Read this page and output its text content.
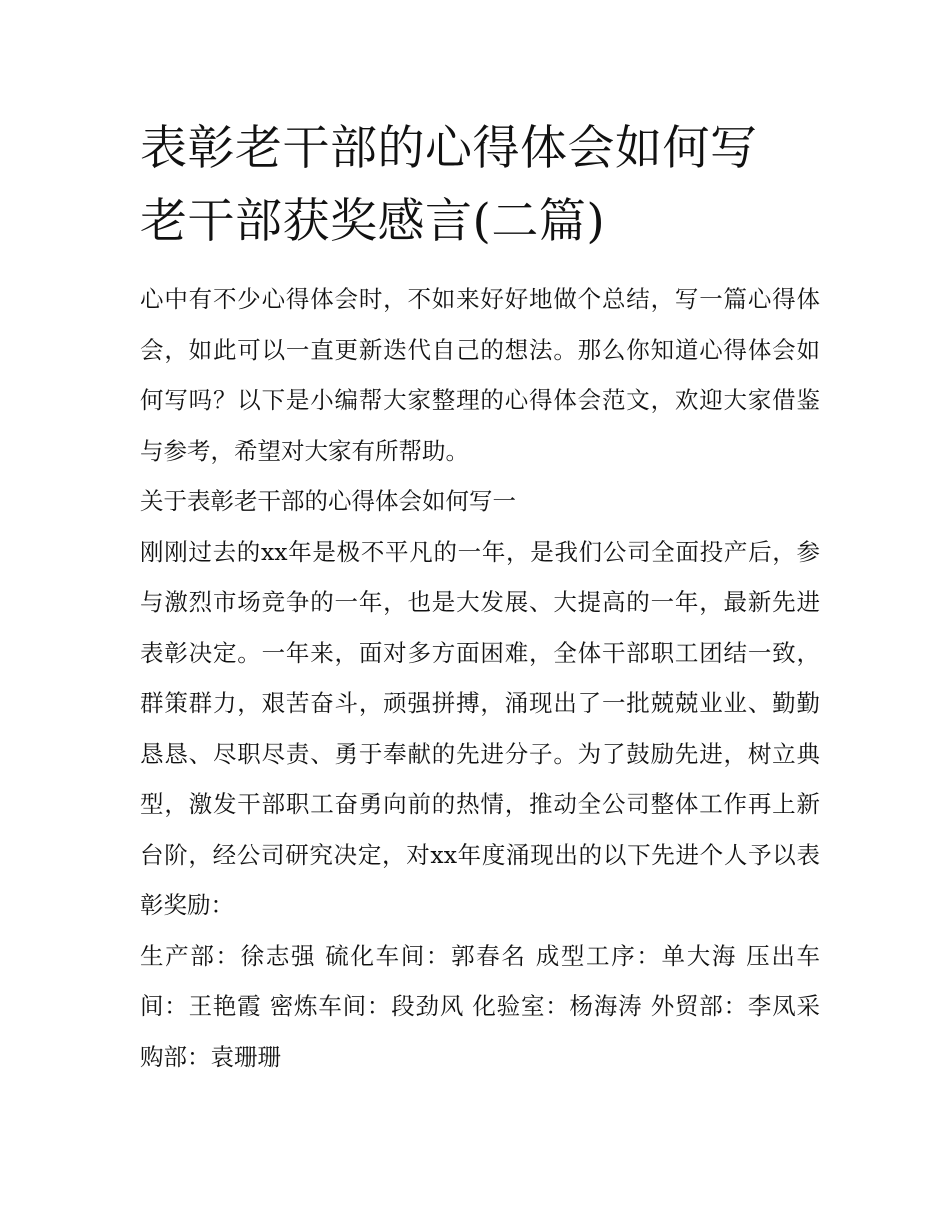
表彰老干部的心得体会如何写
老干部获奖感言(二篇)

心中有不少心得体会时，不如来好好地做个总结，写一篇心得体会，如此可以一直更新迭代自己的想法。那么你知道心得体会如何写吗？以下是小编帮大家整理的心得体会范文，欢迎大家借鉴与参考，希望对大家有所帮助。

关于表彰老干部的心得体会如何写一

刚刚过去的xx年是极不平凡的一年，是我们公司全面投产后，参与激烈市场竞争的一年，也是大发展、大提高的一年，最新先进表彰决定。一年来，面对多方面困难，全体干部职工团结一致，群策群力，艰苦奋斗，顽强拼搏，涌现出了一批兢兢业业、勤勤恳恳、尽职尽责、勇于奉献的先进分子。为了鼓励先进，树立典型，激发干部职工奋勇向前的热情，推动全公司整体工作再上新台阶，经公司研究决定，对xx年度涌现出的以下先进个人予以表彰奖励：

生产部：徐志强 硫化车间：郭春名 成型工序：单大海 压出车间：王艳霞 密炼车间：段劲风 化验室：杨海涛 外贸部：李凤采购部：袁珊珊
